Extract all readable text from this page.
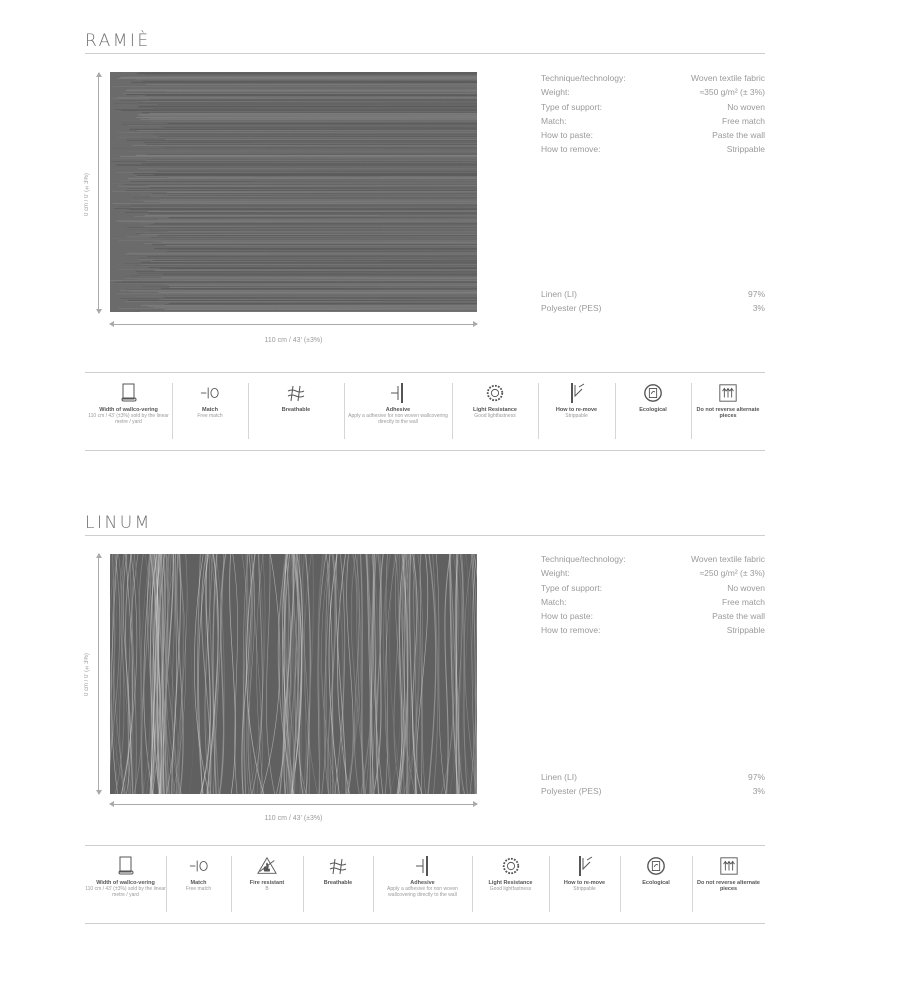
RAMIÈ
0 cm / 0' (±3%)
110 cm / 43' (±3%)
Technique/technology:	Woven textile fabric
Weight:	≈350 g/m² (± 3%)
Type of support:	No woven
Match:	Free match
How to paste:	Paste the wall
How to remove:	Strippable
Linen (LI)	97%
Polyester (PES)	3%
Width of wallco-vering
110 cm / 43' (±3%) sold by the linear metre / yard
Match
Free match
Breathable	Adhesive
Apply a adhesive for non woven wallcovering directly to the wall
Light Resistance
Good lightfastness
How to re-move
Strippable
Ecological	Do not reverse alternate pieces
LINUM
0 cm / 0' (±3%)
110 cm / 43' (±3%)
Technique/technology:	Woven textile fabric
Weight:	≈250 g/m² (± 3%)
Type of support:	No woven
Match:	Free match
How to paste:	Paste the wall
How to remove:	Strippable
Linen (LI)	97%
Polyester (PES)	3%
Width of wallco-vering
110 cm / 43' (±3%) sold by the linear metre / yard
Match
Free match
Fire resistant
B
Breathable	Adhesive
Apply a adhesive for non woven wallcovering directly to the wall
Light Resistance
Good lightfastness
How to re-move
Strippable
Ecological	Do not reverse alternate pieces
